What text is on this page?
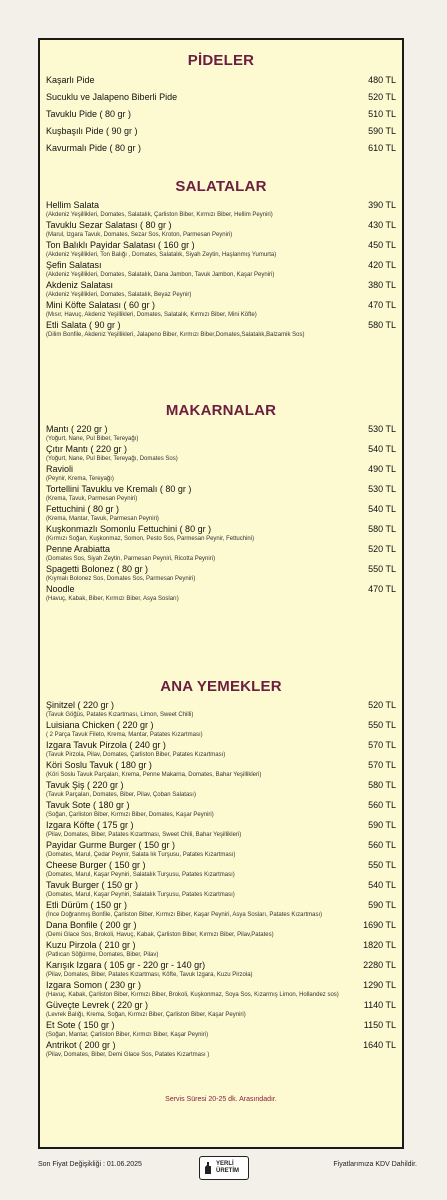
PİDELER
Kaşarlı Pide	480 TL
Sucuklu ve Jalapeno Biberli Pide	520 TL
Tavuklu Pide ( 80 gr )	510 TL
Kuşbaşılı Pide ( 90 gr )	590 TL
Kavurmalı Pide ( 80 gr )	610 TL
SALATALAR
Hellim Salata	390 TL
(Akdeniz Yeşillikleri, Domates, Salatalık, Çarliston Biber, Kırmızı Biber, Hellim Peyniri)
Tavuklu Sezar Salatası ( 80 gr )	430 TL
(Marul, Izgara Tavuk, Domates, Sezar Sos, Kroton, Parmesan Peyniri)
Ton Balıklı Payidar Salatası ( 160 gr )	450 TL
(Akdeniz Yeşillikleri, Ton Balığı , Domates, Salatalık, Siyah Zeytin, Haşlanmış Yumurta)
Şefin Salatası	420 TL
(Akdeniz Yeşillikleri, Domates, Salatalık, Dana Jambon, Tavuk Jambon, Kaşar Peyniri)
Akdeniz Salatası	380 TL
(Akdeniz Yeşillikleri, Domates, Salatalık, Beyaz Peynir)
Mini Köfte Salatası ( 60 gr )	470 TL
(Mısır, Havuç, Akdeniz Yeşillikleri, Domates, Salatalık, Kırmızı Biber, Mini Köfte)
Etli Salata ( 90 gr )	580 TL
(Dilim Bonfile, Akdeniz Yeşillikleri, Jalapeno Biber, Kırmızı Biber,Domates,Salatalık,Balzamik Sos)
MAKARNALAR
Mantı ( 220 gr )	530 TL
(Yoğurt, Nane, Pul Biber, Tereyağı)
Çıtır Mantı ( 220 gr )	540 TL
(Yoğurt, Nane, Pul Biber, Tereyağı, Domates Sos)
Ravioli	490 TL
(Peynir, Krema, Tereyağı)
Tortellini Tavuklu ve Kremalı ( 80 gr )	530 TL
(Krema, Tavuk, Parmesan Peyniri)
Fettuchini ( 80 gr )	540 TL
(Krema, Mantar, Tavuk, Parmesan Peyniri)
Kuşkonmazlı Somonlu Fettuchini ( 80 gr )	580 TL
(Kırmızı Soğan, Kuşkonmaz, Somon, Pesto Sos, Parmesan Peynir, Fettuchini)
Penne Arabiatta	520 TL
(Domates Sos, Siyah Zeytin, Parmesan Peyniri, Ricotta Peyniri)
Spagetti Bolonez ( 80 gr )	550 TL
(Kıymalı Bolonez Sos, Domates Sos, Parmesan Peyniri)
Noodle	470 TL
(Havuç, Kabak, Biber, Kırmızı Biber, Asya Sosları)
ANA YEMEKLER
Şinitzel ( 220 gr )	520 TL
(Tavuk Göğüs, Patates Kızartması, Limon, Sweet Chilli)
Luisiana Chicken ( 220 gr )	550 TL
( 2 Parça Tavuk Fileto, Krema, Mantar, Patates Kızartması)
Izgara Tavuk Pirzola ( 240 gr )	570 TL
(Tavuk Pirzola, Pilav, Domates, Çarliston Biber, Patates Kızartması)
Köri Soslu Tavuk ( 180 gr )	570 TL
(Köri Soslu Tavuk Parçaları, Krema, Penne Makarna, Domates, Bahar Yeşillikleri)
Tavuk Şiş ( 220 gr )	580 TL
(Tavuk Parçaları, Domates, Biber, Pilav, Çoban Salatası)
Tavuk Sote ( 180 gr )	560 TL
(Soğan, Çarliston Biber, Kırmızı Biber, Domates, Kaşar Peyniri)
Izgara Köfte ( 175 gr )	590 TL
(Pilav, Domates, Biber, Patates Kızartması, Sweet Chili, Bahar Yeşillikleri)
Payidar Gurme Burger ( 150 gr )	560 TL
(Domates, Marul, Çedar Peynir, Salata lık Turşusu, Patates Kızartması)
Cheese Burger ( 150 gr )	550 TL
(Domates, Marul, Kaşar Peyniri, Salatalık Turşusu, Patates Kızartması)
Tavuk Burger ( 150 gr )	540 TL
(Domates, Marul, Kaşar Peyniri, Salatalık Turşusu, Patates Kızartması)
Etli Dürüm ( 150 gr )	590 TL
(İnce Doğranmış Bonfile, Çarliston Biber, Kırmızı Biber, Kaşar Peyniri, Asya Sosları, Patates Kızartması)
Dana Bonfile ( 200 gr )	1690 TL
(Demi Glace Sos, Brokoli, Havuç, Kabak, Çarliston Biber, Kırmızı Biber, Pilav,Patates)
Kuzu Pirzola ( 210 gr )	1820 TL
(Patlıcan Söğürme, Domates, Biber, Pilav)
Karışık Izgara ( 105 gr - 220 gr - 140 gr)	2280 TL
(Pilav, Domates, Biber, Patates Kızartması, Köfte, Tavuk Izgara, Kuzu Pirzola)
Izgara Somon ( 230 gr )	1290 TL
(Havuç, Kabak, Çarliston Biber, Kırmızı Biber, Brokoli, Kuşkonmaz, Soya Sos, Kızarmış Limon, Hollandez sos)
Güveçte Levrek ( 220 gr )	1140 TL
(Levrek Balığı, Krema, Soğan, Kırmızı Biber, Çarliston Biber, Kaşar Peyniri)
Et Sote ( 150 gr )	1150 TL
(Soğan, Mantar, Çarliston Biber, Kırmızı Biber, Kaşar Peyniri)
Antrikot ( 200 gr )	1640 TL
(Pilav, Domates, Biber, Demi Glace Sos, Patates Kızartması )
Servis Süresi 20-25 dk. Arasındadır.
Son Fiyat Değişikliği : 01.06.2025	YERLİ
ÜRETİM
Fiyatlarımıza KDV Dahildir.
